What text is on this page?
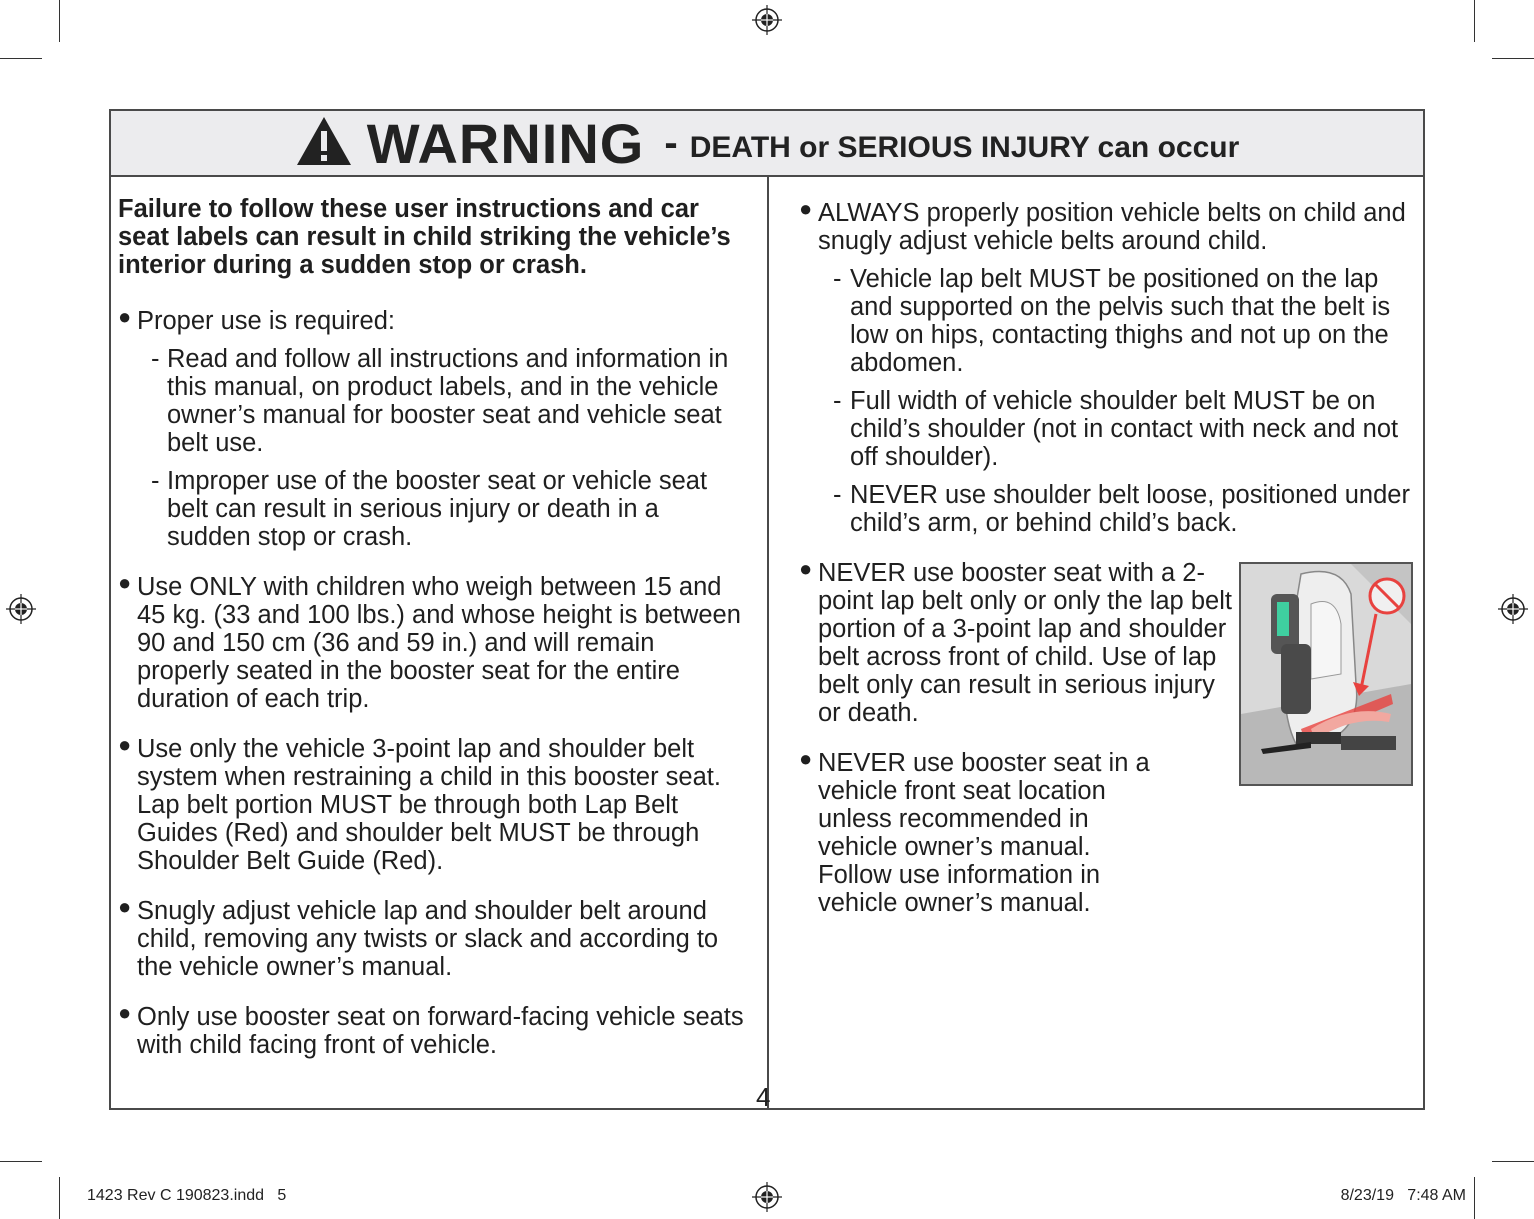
WARNING - DEATH or SERIOUS INJURY can occur

Failure to follow these user instructions and car seat labels can result in child striking the vehicle’s interior during a sudden stop or crash.

● Proper use is required:
- Read and follow all instructions and information in this manual, on product labels, and in the vehicle owner’s manual for booster seat and vehicle seat belt use.
- Improper use of the booster seat or vehicle seat belt can result in serious injury or death in a sudden stop or crash.
● Use ONLY with children who weigh between 15 and 45 kg. (33 and 100 lbs.) and whose height is between 90 and 150 cm (36 and 59 in.) and will remain properly seated in the booster seat for the entire duration of each trip.
● Use only the vehicle 3-point lap and shoulder belt system when restraining a child in this booster seat. Lap belt portion MUST be through both Lap Belt Guides (Red) and shoulder belt MUST be through Shoulder Belt Guide (Red).
● Snugly adjust vehicle lap and shoulder belt around child, removing any twists or slack and according to the vehicle owner’s manual.
● Only use booster seat on forward-facing vehicle seats with child facing front of vehicle.
● ALWAYS properly position vehicle belts on child and snugly adjust vehicle belts around child.
- Vehicle lap belt MUST be positioned on the lap and supported on the pelvis such that the belt is low on hips, contacting thighs and not up on the abdomen.
- Full width of vehicle shoulder belt MUST be on child’s shoulder (not in contact with neck and not off shoulder).
- NEVER use shoulder belt loose, positioned under child’s arm, or behind child’s back.
● NEVER use booster seat with a 2-point lap belt only or only the lap belt portion of a 3-point lap and shoulder belt across front of child. Use of lap belt only can result in serious injury or death.
● NEVER use booster seat in a vehicle front seat location unless recommended in vehicle owner’s manual. Follow use information in vehicle owner’s manual.
4
1423 Rev C 190823.indd   5	8/23/19   7:48 AM
